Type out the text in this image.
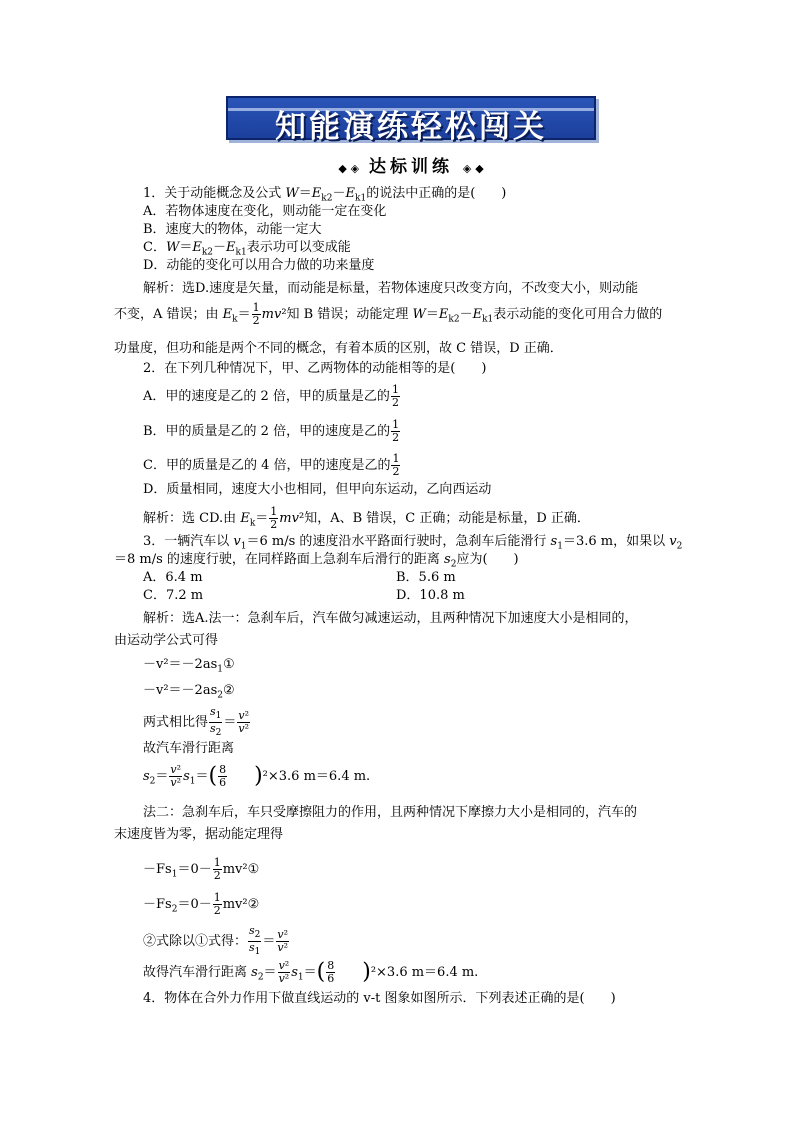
知能演练轻松闯关
◆ ◈ 达标训练 ◈ ◆
1．关于动能概念及公式 $W=E_{k2}-E_{k1}$的说法中正确的是(　　)
A．若物体速度在变化，则动能一定在变化
B．速度大的物体，动能一定大
C．$W=E_{k2}-E_{k1}$表示功可以变成能
D．动能的变化可以用合力做的功来量度
解析：选D.速度是矢量，而动能是标量，若物体速度只改变方向，不改变大小，则动能
不变，A 错误；由 $E_k= \frac{1}{2} mv^2$知 B 错误；动能定理 $W=E_{k2}-E_{k1}$表示动能的变化可用合力做的
功量度，但功和能是两个不同的概念，有着本质的区别，故 C 错误，D 正确．
2．在下列几种情况下，甲、乙两物体的动能相等的是(　　)
A．甲的速度是乙的 2 倍，甲的质量是乙的 $\frac{1}{2}$
B．甲的质量是乙的 2 倍，甲的速度是乙的 $\frac{1}{2}$
C．甲的质量是乙的 4 倍，甲的速度是乙的 $\frac{1}{2}$
D．质量相同，速度大小也相同，但甲向东运动，乙向西运动
解析：选 CD.由 $E_k= \frac{1}{2} mv^2$知，A、B 错误，C 正确；动能是标量，D 正确．
3．一辆汽车以 $v_1=6$ m/s 的速度沿水平路面行驶时，急刹车后能滑行 $s_1=3.6$ m，如果以 $v_2$
＝8 m/s 的速度行驶，在同样路面上急刹车后滑行的距离 $s_2$应为(　　)
A．6.4 m	B．5.6 m
C．7.2 m	D．10.8 m
解析：选A.法一：急刹车后，汽车做匀减速运动，且两种情况下加速度大小是相同的，
由运动学公式可得
$-v^2=-2as_1①$
$-v^2=-2as_2②$
两式相比得 $\frac{s_1}{s_2} = \frac{\text{v²}}{\text{v²}}$
故汽车滑行距离
$s_2= \frac{\text{v²}}{\text{v²}} s_1=( \frac{8}{6}$
   )²×3.6 m＝6.4 m.
法二：急刹车后，车只受摩擦阻力的作用，且两种情况下摩擦力大小是相同的，汽车的
末速度皆为零，据动能定理得
$-Fs_1=0- \frac{1}{2}$ mv²①
$-Fs_2=0- \frac{1}{2}$ mv²②
②式除以①式得： $\frac{s_2}{s_1} = \frac{\text{v²}}{\text{v²}}$
故得汽车滑行距离 $s_2= \frac{\text{v²}}{\text{v²}} s_1=( \frac{8}{6}$
   )²×3.6 m＝6.4 m.
4．物体在合外力作用下做直线运动的 v-t 图象如图所示．下列表述正确的是(　　)
